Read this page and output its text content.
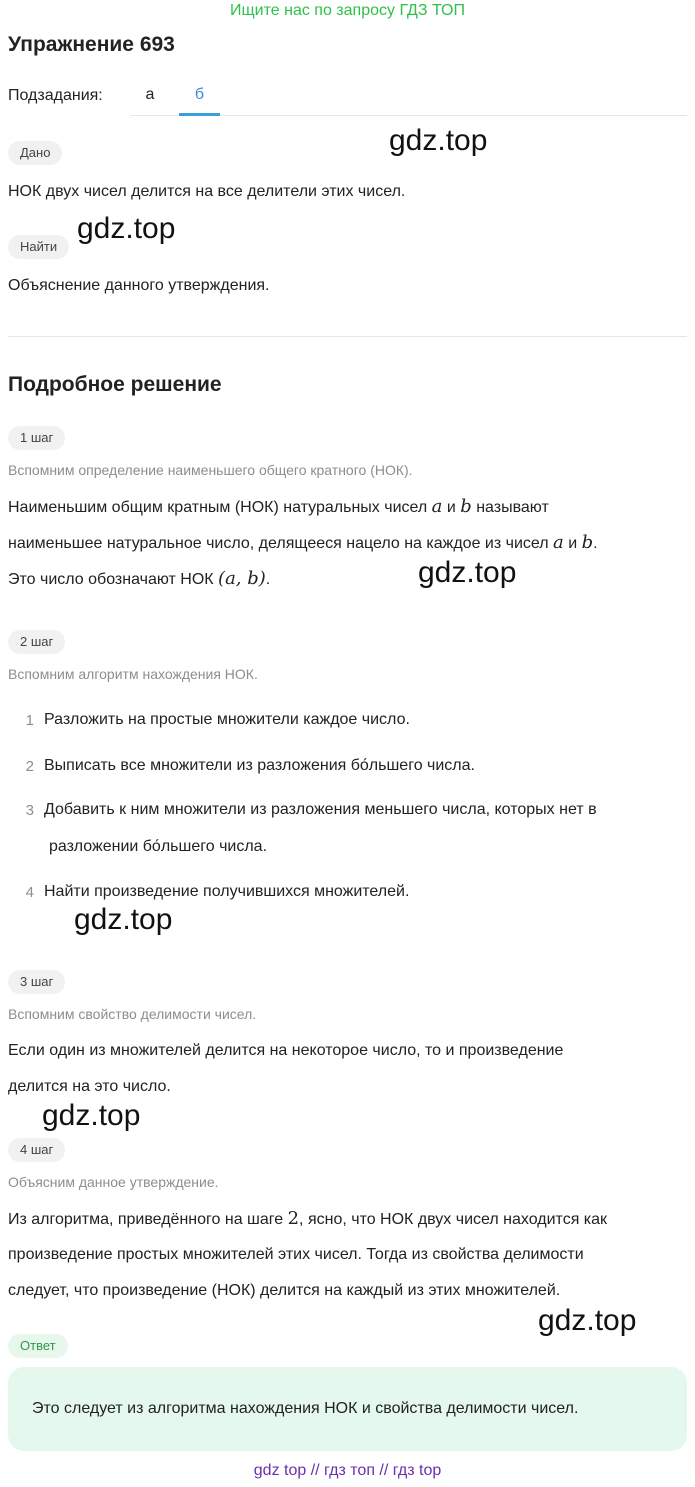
Ищите нас по запросу ГДЗ ТОП
Упражнение 693
Подзадания:	а	б
Дано
НОК двух чисел делится на все делители этих чисел.
Найти
Объяснение данного утверждения.
Подробное решение
1 шаг
Вспомним определение наименьшего общего кратного (НОК).
Наименьшим общим кратным (НОК) натуральных чисел a и b называют
наименьшее натуральное число, делящееся нацело на каждое из чисел a и b.
Это число обозначают НОК (a, b).
2 шаг
Вспомним алгоритм нахождения НОК.
1 Разложить на простые множители каждое число.
2 Выписать все множители из разложения бо́льшего числа.
3 Добавить к ним множители из разложения меньшего числа, которых нет в
разложении бо́льшего числа.
4 Найти произведение получившихся множителей.
3 шаг
Вспомним свойство делимости чисел.
Если один из множителей делится на некоторое число, то и произведение
делится на это число.
4 шаг
Объясним данное утверждение.
Из алгоритма, приведённого на шаге 2, ясно, что НОК двух чисел находится как
произведение простых множителей этих чисел. Тогда из свойства делимости
следует, что произведение (НОК) делится на каждый из этих множителей.
Ответ
Это следует из алгоритма нахождения НОК и свойства делимости чисел.
gdz.top
gdz.top
gdz.top
gdz.top
gdz.top
gdz.top
gdz top // гдз топ // гдз top
